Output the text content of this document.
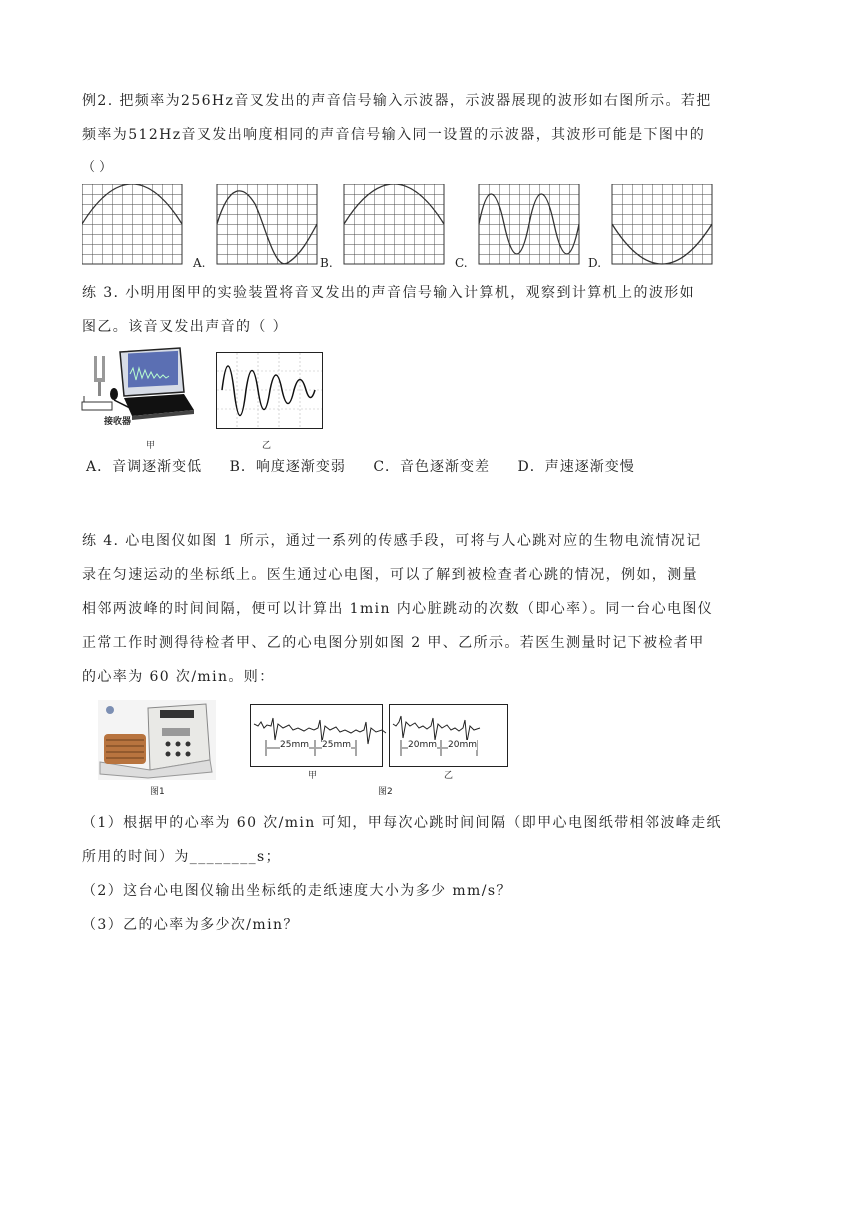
例2. 把频率为256Hz音叉发出的声音信号输入示波器，示波器展现的波形如右图所示。若把
频率为512Hz音叉发出响度相同的声音信号输入同一设置的示波器，其波形可能是下图中的
（ ）
A.	B.	C.	D.
练 3. 小明用图甲的实验装置将音叉发出的声音信号输入计算机，观察到计算机上的波形如
图乙。该音叉发出声音的（ ）
接收器
甲	乙
A．音调逐渐变低 B．响度逐渐变弱 C．音色逐渐变差 D．声速逐渐变慢
练 4. 心电图仪如图 1 所示，通过一系列的传感手段，可将与人心跳对应的生物电流情况记
录在匀速运动的坐标纸上。医生通过心电图，可以了解到被检查者心跳的情况，例如，测量
相邻两波峰的时间间隔，便可以计算出 1min 内心脏跳动的次数（即心率）。同一台心电图仪
正常工作时测得待检者甲、乙的心电图分别如图 2 甲、乙所示。若医生测量时记下被检者甲
的心率为 60 次/min。则：
图1
25mm 25mm	20mm 20mm
甲	乙
图2
（1）根据甲的心率为 60 次/min 可知，甲每次心跳时间间隔（即甲心电图纸带相邻波峰走纸
所用的时间）为________s；
（2）这台心电图仪输出坐标纸的走纸速度大小为多少 mm/s？
（3）乙的心率为多少次/min？
